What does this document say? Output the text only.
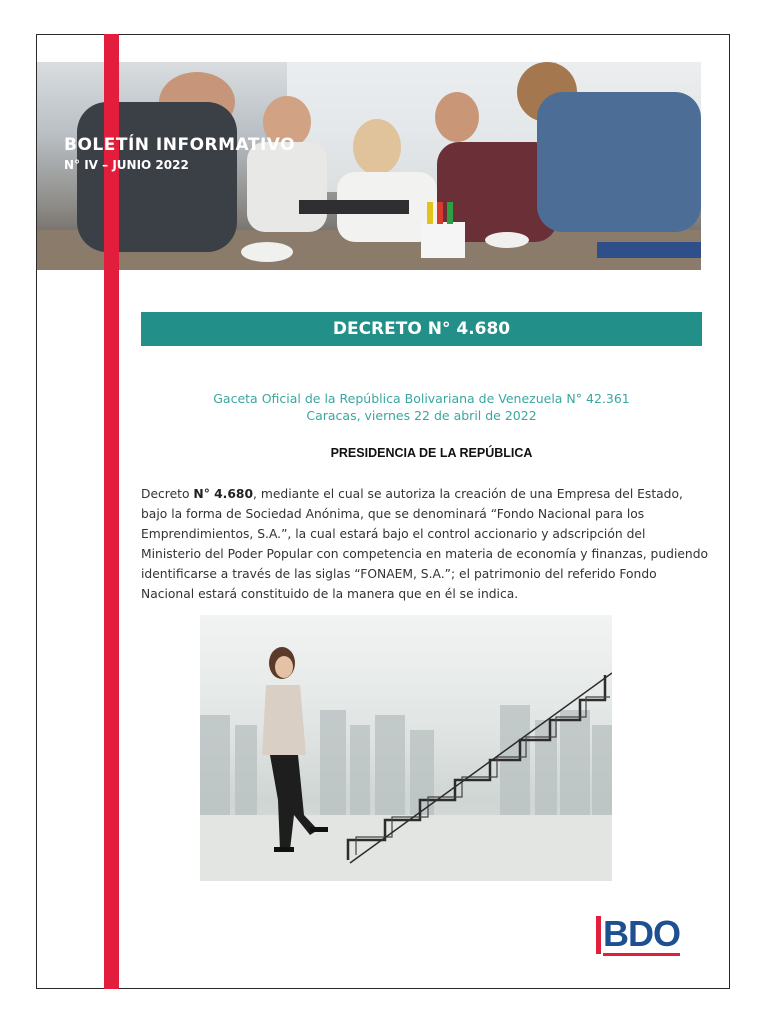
BOLETÍN INFORMATIVO
N° IV – JUNIO 2022
DECRETO N° 4.680
Gaceta Oficial de la República Bolivariana de Venezuela N° 42.361
Caracas, viernes 22 de abril de 2022
PRESIDENCIA DE LA REPÚBLICA
Decreto N° 4.680, mediante el cual se autoriza la creación de una Empresa del Estado, bajo la forma de Sociedad Anónima, que se denominará “Fondo Nacional para los Emprendimientos, S.A.”, la cual estará bajo el control accionario y adscripción del Ministerio del Poder Popular con competencia en materia de economía y finanzas, pudiendo identificarse a través de las siglas “FONAEM, S.A.”; el patrimonio del referido Fondo Nacional estará constituido de la manera que en él se indica.
BDO
